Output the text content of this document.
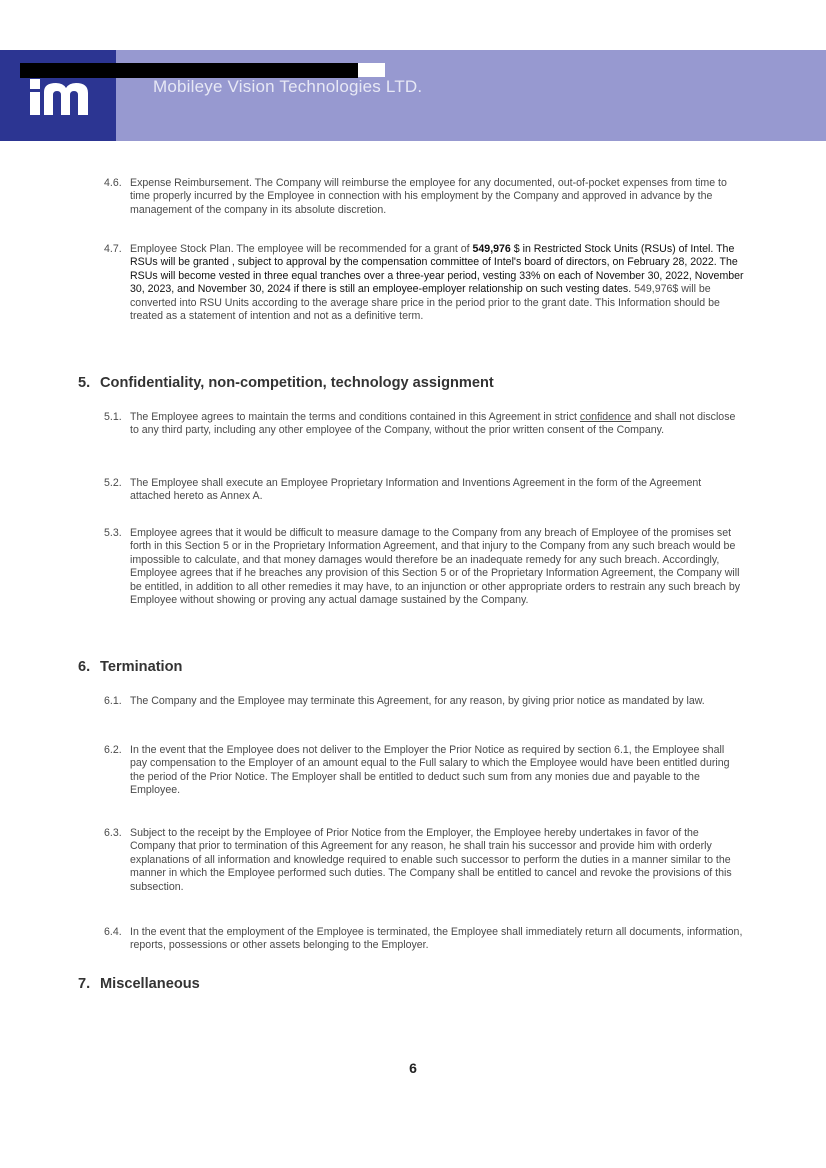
Mobileye Vision Technologies LTD.
4.6. Expense Reimbursement. The Company will reimburse the employee for any documented, out-of-pocket expenses from time to time properly incurred by the Employee in connection with his employment by the Company and approved in advance by the management of the company in its absolute discretion.
4.7. Employee Stock Plan. The employee will be recommended for a grant of 549,976 $ in Restricted Stock Units (RSUs) of Intel. The RSUs will be granted , subject to approval by the compensation committee of Intel's board of directors, on February 28, 2022. The RSUs will become vested in three equal tranches over a three-year period, vesting 33% on each of November 30, 2022, November 30, 2023, and November 30, 2024 if there is still an employee-employer relationship on such vesting dates. 549,976$ will be converted into RSU Units according to the average share price in the period prior to the grant date. This Information should be treated as a statement of intention and not as a definitive term.
5. Confidentiality, non-competition, technology assignment
5.1. The Employee agrees to maintain the terms and conditions contained in this Agreement in strict confidence and shall not disclose to any third party, including any other employee of the Company, without the prior written consent of the Company.
5.2. The Employee shall execute an Employee Proprietary Information and Inventions Agreement in the form of the Agreement attached hereto as Annex A.
5.3. Employee agrees that it would be difficult to measure damage to the Company from any breach of Employee of the promises set forth in this Section 5 or in the Proprietary Information Agreement, and that injury to the Company from any such breach would be impossible to calculate, and that money damages would therefore be an inadequate remedy for any such breach. Accordingly, Employee agrees that if he breaches any provision of this Section 5 or of the Proprietary Information Agreement, the Company will be entitled, in addition to all other remedies it may have, to an injunction or other appropriate orders to restrain any such breach by Employee without showing or proving any actual damage sustained by the Company.
6. Termination
6.1. The Company and the Employee may terminate this Agreement, for any reason, by giving prior notice as mandated by law.
6.2. In the event that the Employee does not deliver to the Employer the Prior Notice as required by section 6.1, the Employee shall pay compensation to the Employer of an amount equal to the Full salary to which the Employee would have been entitled during the period of the Prior Notice. The Employer shall be entitled to deduct such sum from any monies due and payable to the Employee.
6.3. Subject to the receipt by the Employee of Prior Notice from the Employer, the Employee hereby undertakes in favor of the Company that prior to termination of this Agreement for any reason, he shall train his successor and provide him with orderly explanations of all information and knowledge required to enable such successor to perform the duties in a manner similar to the manner in which the Employee performed such duties. The Company shall be entitled to cancel and revoke the provisions of this subsection.
6.4. In the event that the employment of the Employee is terminated, the Employee shall immediately return all documents, information, reports, possessions or other assets belonging to the Employer.
7. Miscellaneous
6
